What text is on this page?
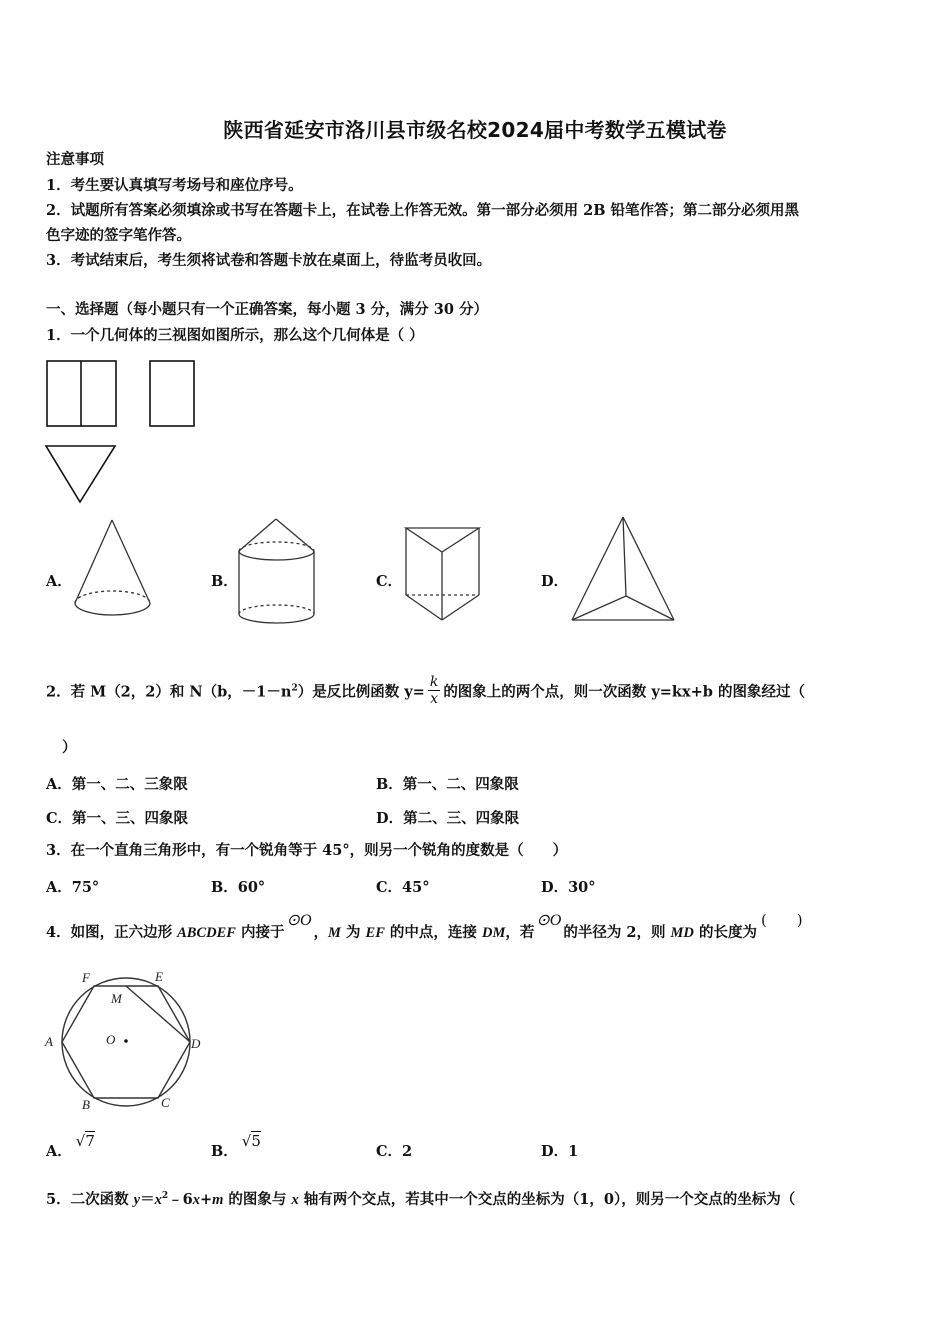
陕西省延安市洛川县市级名校2024届中考数学五模试卷
注意事项
1．考生要认真填写考场号和座位序号。
2．试题所有答案必须填涂或书写在答题卡上，在试卷上作答无效。第一部分必须用 2B 铅笔作答；第二部分必须用黑
色字迹的签字笔作答。
3．考试结束后，考生须将试卷和答题卡放在桌面上，待监考员收回。
一、选择题（每小题只有一个正确答案，每小题 3 分，满分 30 分）
1．一个几何体的三视图如图所示，那么这个几何体是（ ）
A．	B．	C．	D．
2．若 M（2，2）和 N（b，$-1-n^2$）是反比例函数 $y= \frac{k}{x}$ 的图象上的两个点，则一次函数 y=kx+b 的图象经过（
）
A．第一、二、三象限	B．第一、二、四象限
C．第一、三、四象限	D．第二、三、四象限
3．在一个直角三角形中，有一个锐角等于 45°，则另一个锐角的度数是（　　）
A．75°	B．60°	C．45°	D．30°
4．如图，正六边形 ABCDEF 内接于⊙O，M 为 EF 的中点，连接 DM，若⊙O的半径为 2，则 MD 的长度为(　　)
F	E
M
A	O	D
B	C
A．√7
B．√5
C．2	D．1
5．二次函数 $y=x^2﹣6x+m$ 的图象与 x 轴有两个交点，若其中一个交点的坐标为（1，0），则另一个交点的坐标为（
